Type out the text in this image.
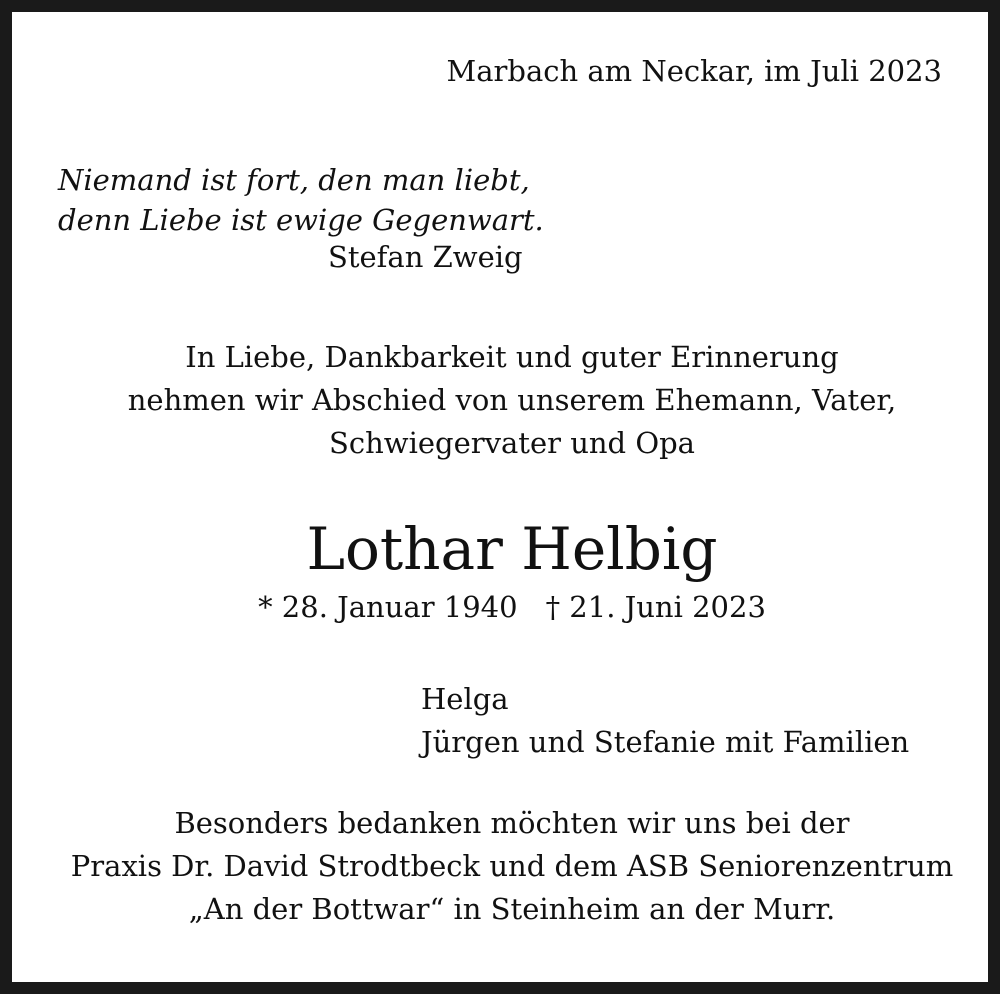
Marbach am Neckar, im Juli 2023
Niemand ist fort, den man liebt,
denn Liebe ist ewige Gegenwart.
Stefan Zweig
In Liebe, Dankbarkeit und guter Erinnerung
nehmen wir Abschied von unserem Ehemann, Vater,
Schwiegervater und Opa
Lothar Helbig
* 28. Januar 1940 † 21. Juni 2023
Helga
Jürgen und Stefanie mit Familien
Besonders bedanken möchten wir uns bei der
Praxis Dr. David Strodtbeck und dem ASB Seniorenzentrum
„An der Bottwar“ in Steinheim an der Murr.
